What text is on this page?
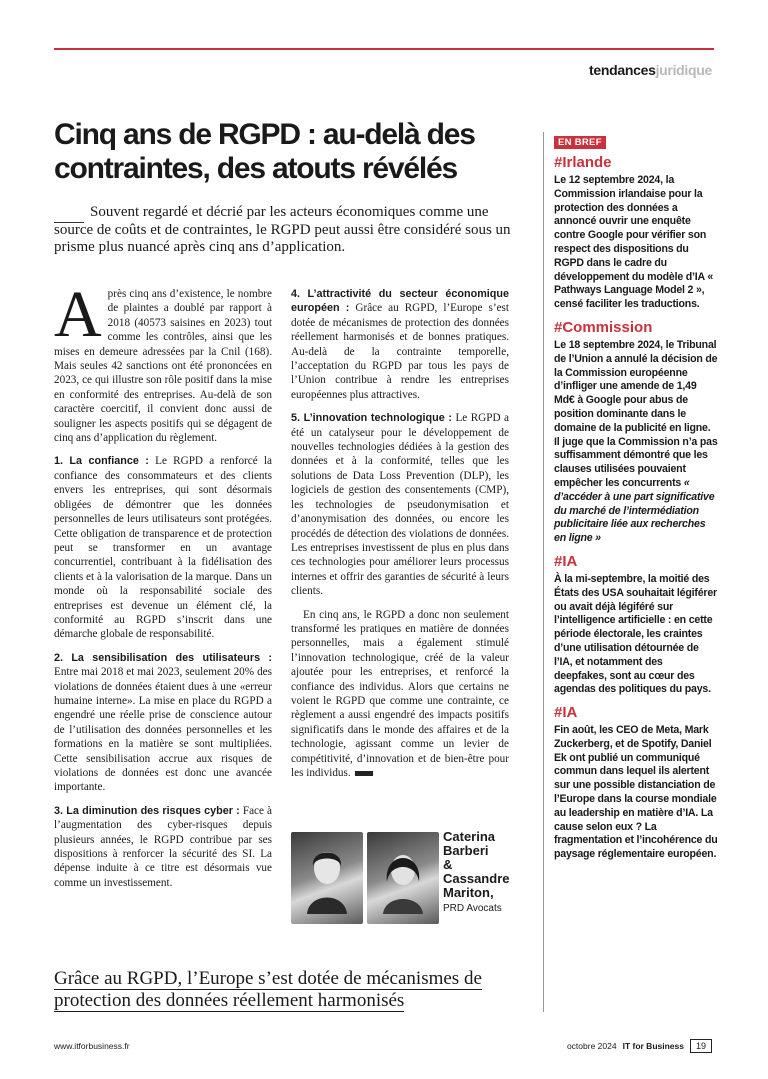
tendancesjuridique
Cinq ans de RGPD : au-delà des contraintes, des atouts révélés

Souvent regardé et décrié par les acteurs économiques comme une source de coûts et de contraintes, le RGPD peut aussi être considéré sous un prisme plus nuancé après cinq ans d’application.

Après cinq ans d’existence, le nombre de plaintes a doublé par rapport à 2018 (40573 saisines en 2023) tout comme les contrôles, ainsi que les mises en demeure adressées par la Cnil (168). Mais seules 42 sanctions ont été prononcées en 2023, ce qui illustre son rôle positif dans la mise en conformité des entreprises. Au-delà de son caractère coercitif, il convient donc aussi de souligner les aspects positifs qui se dégagent de cinq ans d’application du règlement.

1. La confiance : Le RGPD a renforcé la confiance des consommateurs et des clients envers les entreprises, qui sont désormais obligées de démontrer que les données personnelles de leurs utilisateurs sont protégées. Cette obligation de transparence et de protection peut se transformer en un avantage concurrentiel, contribuant à la fidélisation des clients et à la valorisation de la marque. Dans un monde où la responsabilité sociale des entreprises est devenue un élément clé, la conformité au RGPD s’inscrit dans une démarche globale de responsabilité.

2. La sensibilisation des utilisateurs : Entre mai 2018 et mai 2023, seulement 20% des violations de données étaient dues à une «erreur humaine interne». La mise en place du RGPD a engendré une réelle prise de conscience autour de l’utilisation des données personnelles et les formations en la matière se sont multipliées. Cette sensibilisation accrue aux risques de violations de données est donc une avancée importante.

3. La diminution des risques cyber : Face à l’augmentation des cyber-risques depuis plusieurs années, le RGPD contribue par ses dispositions à renforcer la sécurité des SI. La dépense induite à ce titre est désormais vue comme un investissement.

4. L’attractivité du secteur économique européen : Grâce au RGPD, l’Europe s’est dotée de mécanismes de protection des données réellement harmonisés et de bonnes pratiques. Au-delà de la contrainte temporelle, l’acceptation du RGPD par tous les pays de l’Union contribue à rendre les entreprises européennes plus attractives.

5. L’innovation technologique : Le RGPD a été un catalyseur pour le développement de nouvelles technologies dédiées à la gestion des données et à la conformité, telles que les solutions de Data Loss Prevention (DLP), les logiciels de gestion des consentements (CMP), les technologies de pseudonymisation et d’anonymisation des données, ou encore les procédés de détection des violations de données. Les entreprises investissent de plus en plus dans ces technologies pour améliorer leurs processus internes et offrir des garanties de sécurité à leurs clients.

En cinq ans, le RGPD a donc non seulement transformé les pratiques en matière de données personnelles, mais a également stimulé l’innovation technologique, créé de la valeur ajoutée pour les entreprises, et renforcé la confiance des individus. Alors que certains ne voient le RGPD que comme une contrainte, ce règlement a aussi engendré des impacts positifs significatifs dans le monde des affaires et de la technologie, agissant comme un levier de compétitivité, d’innovation et de bien-être pour les individus.

Caterina Barberi
&
Cassandre Mariton,
PRD Avocats
Grâce au RGPD, l’Europe s’est dotée de mécanismes de protection des données réellement harmonisés
EN BREF
#Irlande

Le 12 septembre 2024, la Commission irlandaise pour la protection des données a annoncé ouvrir une enquête contre Google pour vérifier son respect des dispositions du RGPD dans le cadre du développement du modèle d’IA « Pathways Language Model 2 », censé faciliter les traductions.

#Commission

Le 18 septembre 2024, le Tribunal de l’Union a annulé la décision de la Commission européenne d’infliger une amende de 1,49 Md€ à Google pour abus de position dominante dans le domaine de la publicité en ligne. Il juge que la Commission n’a pas suffisamment démontré que les clauses utilisées pouvaient empêcher les concurrents « d’accéder à une part significative du marché de l’intermédiation publicitaire liée aux recherches en ligne »

#IA

À la mi-septembre, la moitié des États des USA souhaitait légiférer ou avait déjà légiféré sur l’intelligence artificielle : en cette période électorale, les craintes d’une utilisation détournée de l’IA, et notamment des deepfakes, sont au cœur des agendas des politiques du pays.

#IA

Fin août, les CEO de Meta, Mark Zuckerberg, et de Spotify, Daniel Ek ont publié un communiqué commun dans lequel ils alertent sur une possible distanciation de l’Europe dans la course mondiale au leadership en matière d’IA. La cause selon eux ? La fragmentation et l’incohérence du paysage réglementaire européen.

www.itforbusiness.fr	octobre 2024 IT for Business	19
